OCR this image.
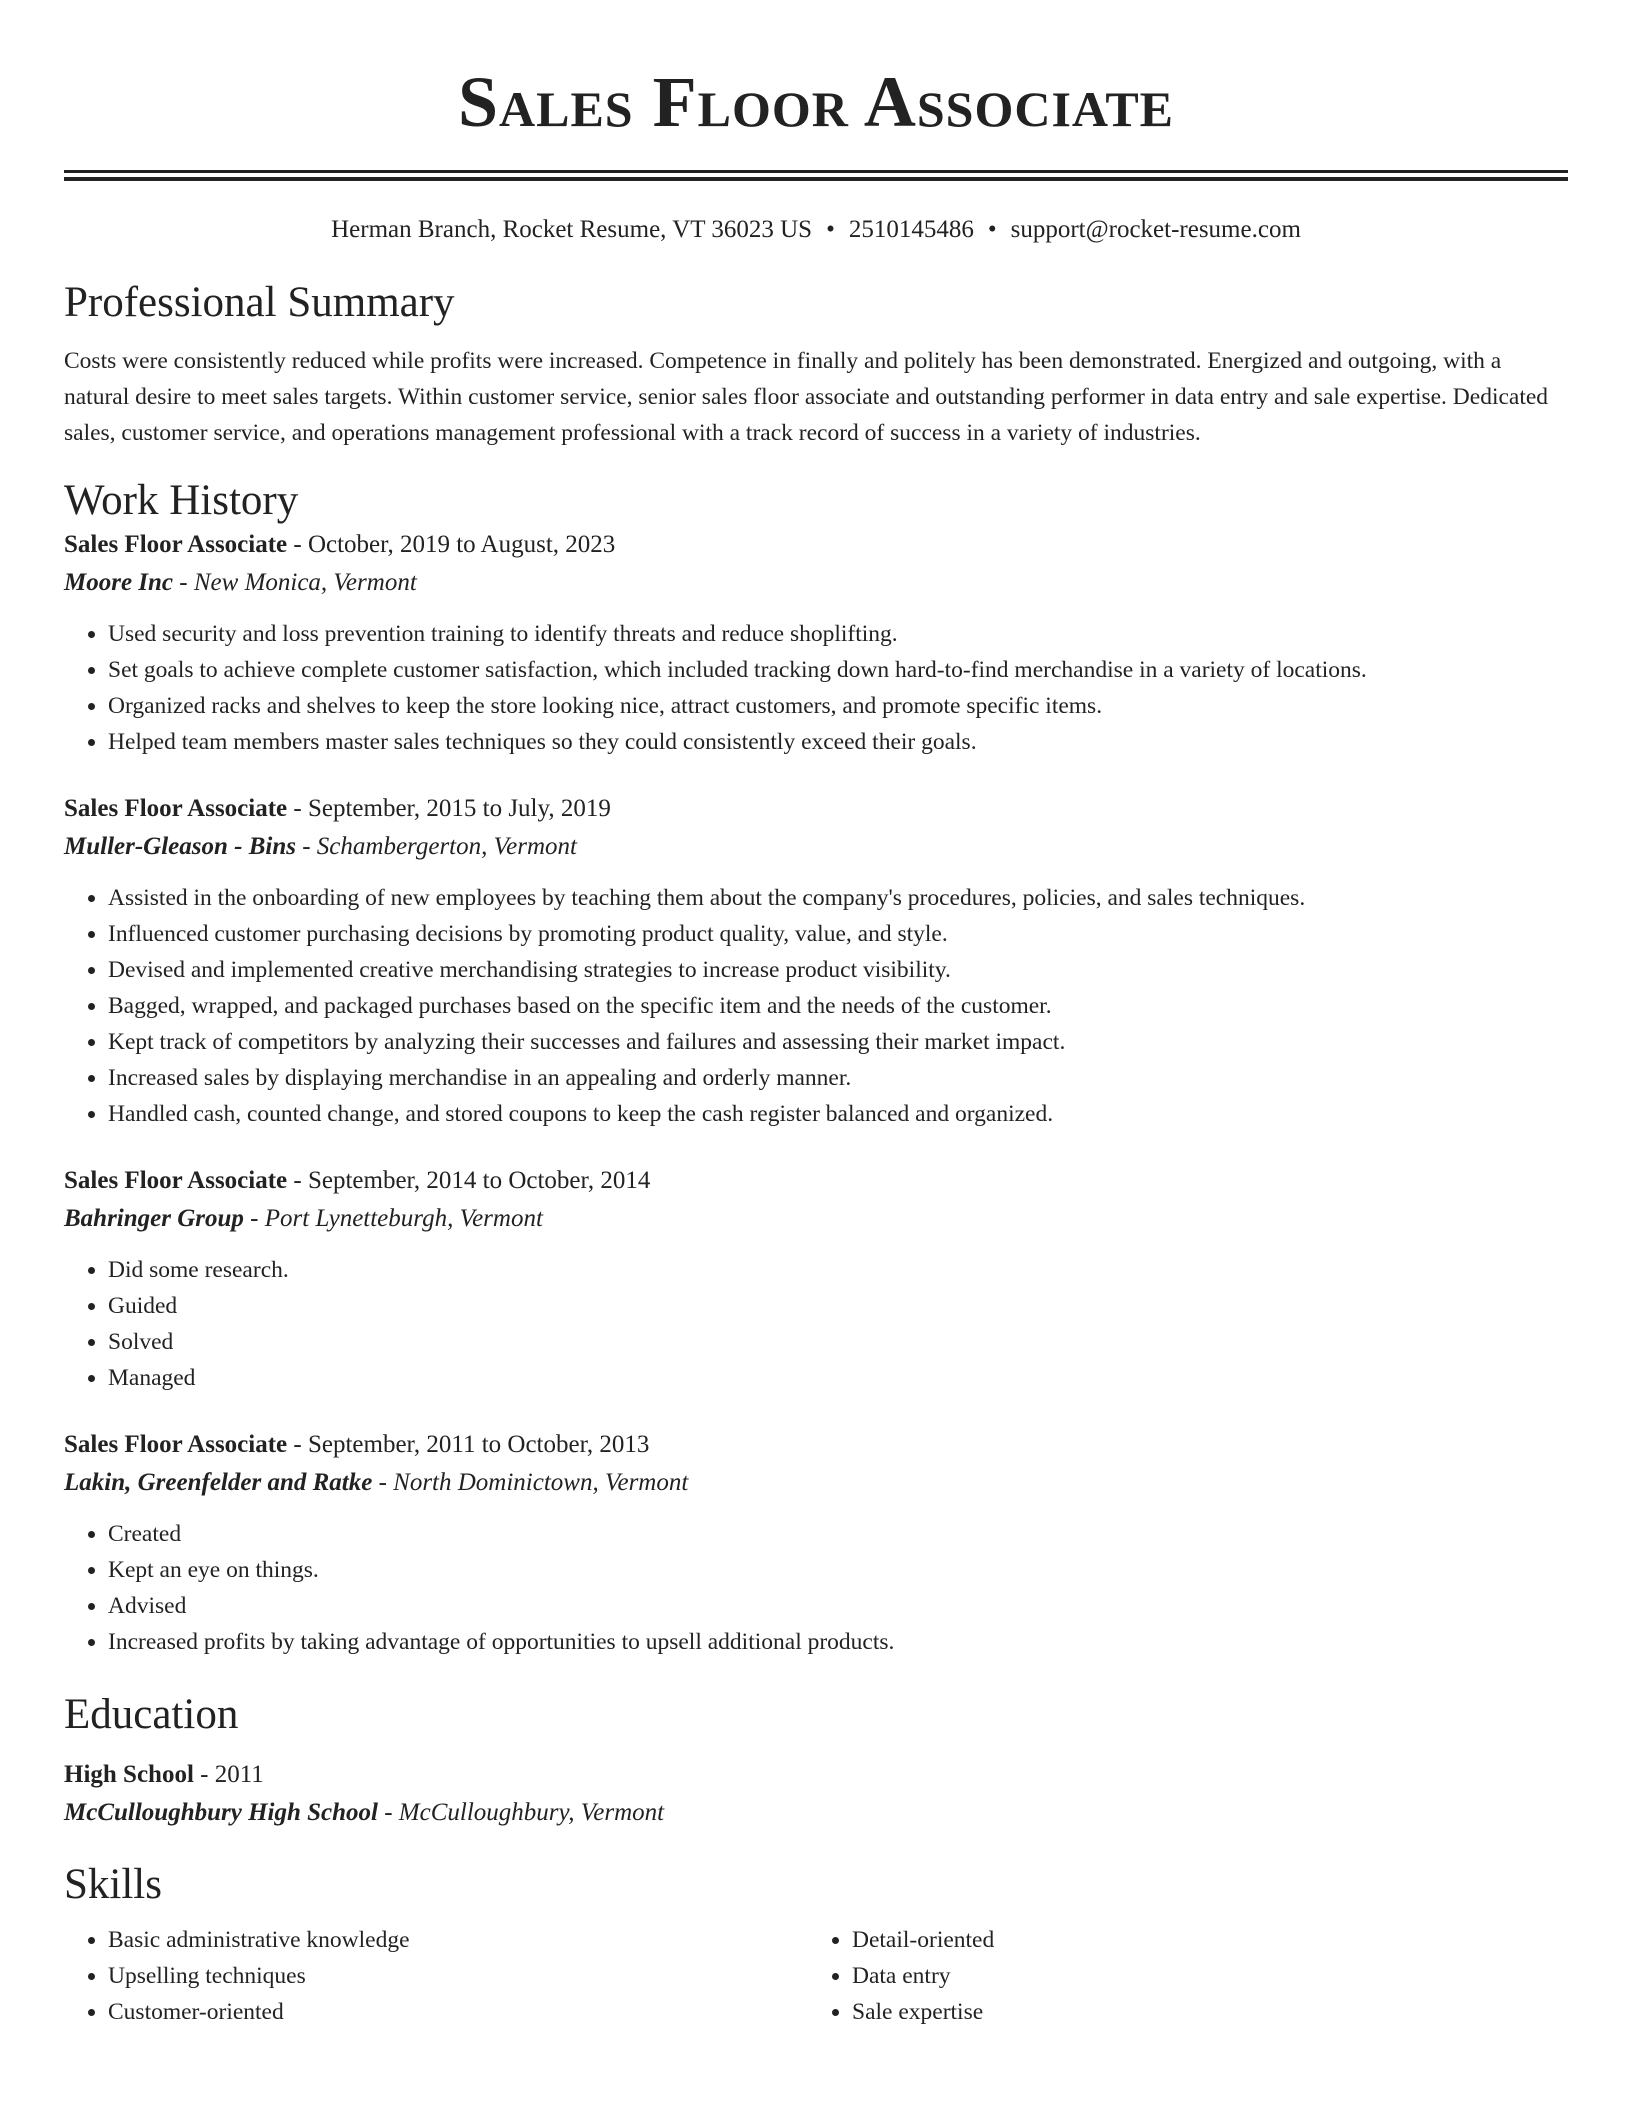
Sales Floor Associate
Herman Branch, Rocket Resume, VT 36023 US • 2510145486 • support@rocket-resume.com
Professional Summary
Costs were consistently reduced while profits were increased. Competence in finally and politely has been demonstrated. Energized and outgoing, with a natural desire to meet sales targets. Within customer service, senior sales floor associate and outstanding performer in data entry and sale expertise. Dedicated sales, customer service, and operations management professional with a track record of success in a variety of industries.
Work History
Sales Floor Associate - October, 2019 to August, 2023
Moore Inc - New Monica, Vermont
• Used security and loss prevention training to identify threats and reduce shoplifting.
• Set goals to achieve complete customer satisfaction, which included tracking down hard-to-find merchandise in a variety of locations.
• Organized racks and shelves to keep the store looking nice, attract customers, and promote specific items.
• Helped team members master sales techniques so they could consistently exceed their goals.
Sales Floor Associate - September, 2015 to July, 2019
Muller-Gleason - Bins - Schambergerton, Vermont
• Assisted in the onboarding of new employees by teaching them about the company's procedures, policies, and sales techniques.
• Influenced customer purchasing decisions by promoting product quality, value, and style.
• Devised and implemented creative merchandising strategies to increase product visibility.
• Bagged, wrapped, and packaged purchases based on the specific item and the needs of the customer.
• Kept track of competitors by analyzing their successes and failures and assessing their market impact.
• Increased sales by displaying merchandise in an appealing and orderly manner.
• Handled cash, counted change, and stored coupons to keep the cash register balanced and organized.
Sales Floor Associate - September, 2014 to October, 2014
Bahringer Group - Port Lynetteburgh, Vermont
• Did some research.
• Guided
• Solved
• Managed
Sales Floor Associate - September, 2011 to October, 2013
Lakin, Greenfelder and Ratke - North Dominictown, Vermont
• Created
• Kept an eye on things.
• Advised
• Increased profits by taking advantage of opportunities to upsell additional products.
Education
High School - 2011
McCulloughbury High School - McCulloughbury, Vermont
Skills
• Basic administrative knowledge
• Upselling techniques
• Customer-oriented
• Detail-oriented
• Data entry
• Sale expertise
